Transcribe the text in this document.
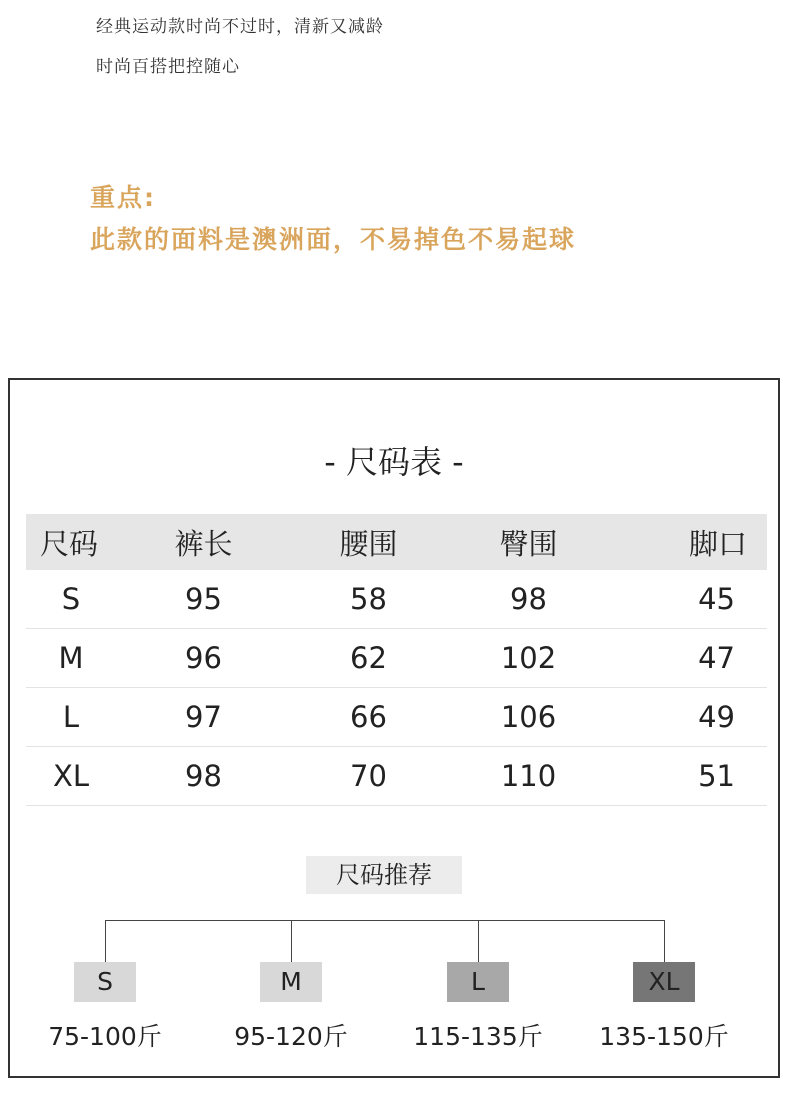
经典运动款时尚不过时，清新又减龄
时尚百搭把控随心
重点:
此款的面料是澳洲面，不易掉色不易起球
- 尺码表 -
尺码	裤长	腰围	臀围	脚口
S	95	58	98	45
M	96	62	102	47
L	97	66	106	49
XL	98	70	110	51
尺码推荐
S	M	L	XL
75-100斤	95-120斤	115-135斤	135-150斤
